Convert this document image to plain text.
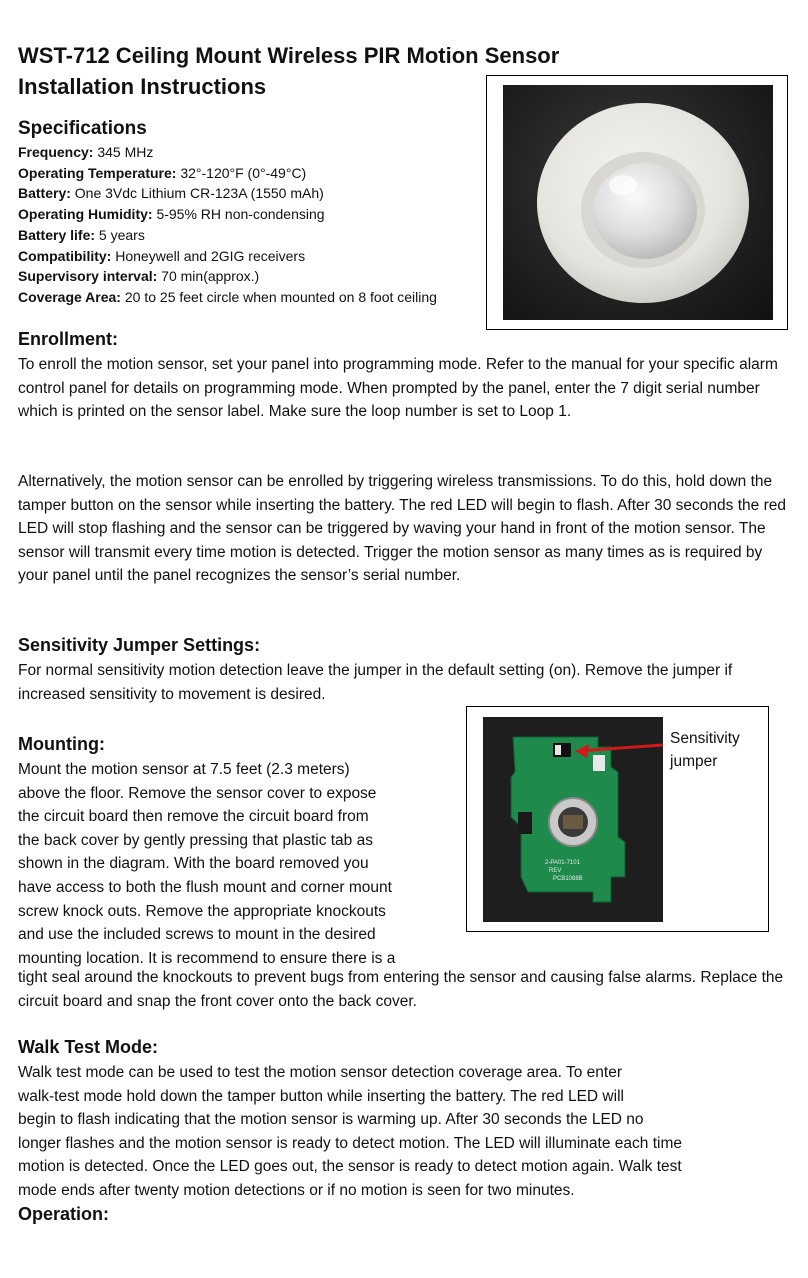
WST-712 Ceiling Mount Wireless PIR Motion Sensor
Installation Instructions
Specifications
Frequency: 345 MHz
Operating Temperature: 32°-120°F (0°-49°C)
Battery: One 3Vdc Lithium CR-123A (1550 mAh)
Operating Humidity: 5-95% RH non-condensing
Battery life: 5 years
Compatibility: Honeywell and 2GIG receivers
Supervisory interval: 70 min(approx.)
Coverage Area: 20 to 25 feet circle when mounted on 8 foot ceiling
Enrollment:

To enroll the motion sensor, set your panel into programming mode. Refer to the manual for your specific alarm control panel for details on programming mode. When prompted by the panel, enter the 7 digit serial number which is printed on the sensor label. Make sure the loop number is set to Loop 1.

Alternatively, the motion sensor can be enrolled by triggering wireless transmissions. To do this, hold down the tamper button on the sensor while inserting the battery. The red LED will begin to flash. After 30 seconds the red LED will stop flashing and the sensor can be triggered by waving your hand in front of the motion sensor. The sensor will transmit every time motion is detected. Trigger the motion sensor as many times as is required by your panel until the panel recognizes the sensor’s serial number.

Sensitivity Jumper Settings:

For normal sensitivity motion detection leave the jumper in the default setting (on). Remove the jumper if increased sensitivity to movement is desired.

2-PA01-7101
REV
PCB1088B

Sensitivity
jumper

Mounting:
Mount the motion sensor at 7.5 feet (2.3 meters)
above the floor. Remove the sensor cover to expose
the circuit board then remove the circuit board from
the back cover by gently pressing that plastic tab as
shown in the diagram. With the board removed you
have access to both the flush mount and corner mount
screw knock outs. Remove the appropriate knockouts
and use the included screws to mount in the desired
mounting location. It is recommend to ensure there is a

tight seal around the knockouts to prevent bugs from entering the sensor and causing false alarms. Replace the circuit board and snap the front cover onto the back cover.

Walk Test Mode:
Walk test mode can be used to test the motion sensor detection coverage area. To enter
walk-test mode hold down the tamper button while inserting the battery. The red LED will
begin to flash indicating that the motion sensor is warming up. After 30 seconds the LED no
longer flashes and the motion sensor is ready to detect motion. The LED will illuminate each time
motion is detected. Once the LED goes out, the sensor is ready to detect motion again. Walk test
mode ends after twenty motion detections or if no motion is seen for two minutes.
Operation:
